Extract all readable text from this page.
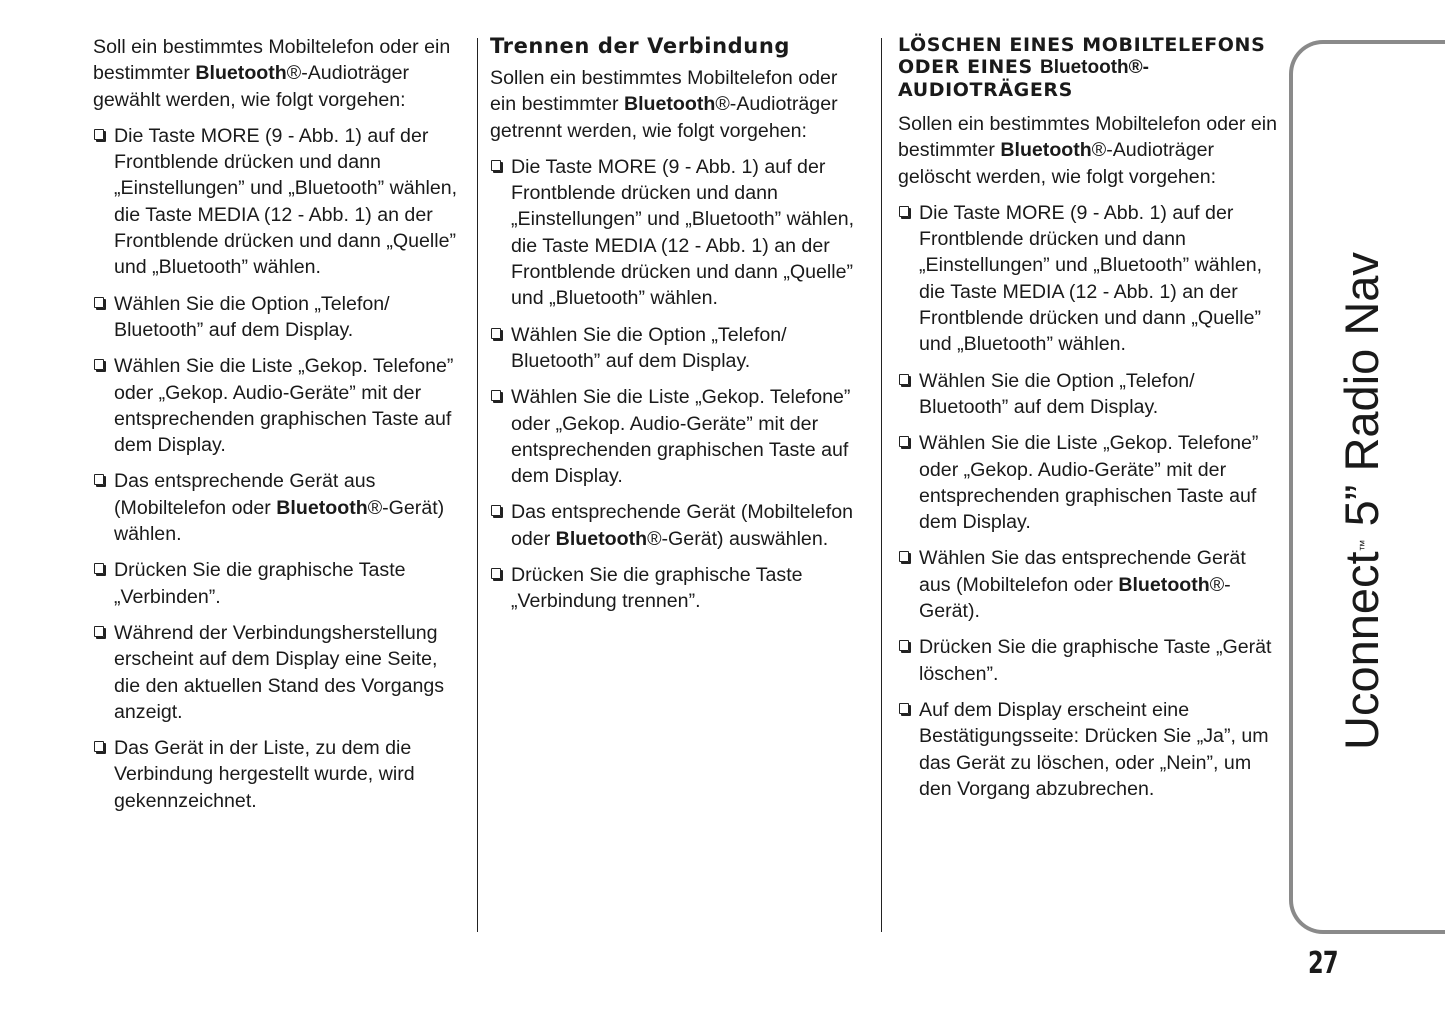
Soll ein bestimmtes Mobiltelefon oder ein bestimmter Bluetooth®-Audioträger gewählt werden, wie folgt vorgehen:

Die Taste MORE (9 - Abb. 1) auf der Frontblende drücken und dann „Einstellungen” und „Bluetooth” wählen, die Taste MEDIA (12 - Abb. 1) an der Frontblende drücken und dann „Quelle” und „Bluetooth” wählen.
Wählen Sie die Option „Telefon/ Bluetooth” auf dem Display.
Wählen Sie die Liste „Gekop. Telefone” oder „Gekop. Audio-Geräte” mit der entsprechenden graphischen Taste auf dem Display.
Das entsprechende Gerät aus (Mobiltelefon oder Bluetooth®-Gerät) wählen.
Drücken Sie die graphische Taste „Verbinden”.
Während der Verbindungsherstellung erscheint auf dem Display eine Seite, die den aktuellen Stand des Vorgangs anzeigt.
Das Gerät in der Liste, zu dem die Verbindung hergestellt wurde, wird gekennzeichnet.
Trennen der Verbindung

Sollen ein bestimmtes Mobiltelefon oder ein bestimmter Bluetooth®-Audioträger getrennt werden, wie folgt vorgehen:

Die Taste MORE (9 - Abb. 1) auf der Frontblende drücken und dann „Einstellungen” und „Bluetooth” wählen, die Taste MEDIA (12 - Abb. 1) an der Frontblende drücken und dann „Quelle” und „Bluetooth” wählen.
Wählen Sie die Option „Telefon/ Bluetooth” auf dem Display.
Wählen Sie die Liste „Gekop. Telefone” oder „Gekop. Audio-Geräte” mit der entsprechenden graphischen Taste auf dem Display.
Das entsprechende Gerät (Mobiltelefon oder Bluetooth®-Gerät) auswählen.
Drücken Sie die graphische Taste „Verbindung trennen”.
LÖSCHEN EINES MOBILTELEFONS ODER EINES Bluetooth®-
AUDIOTRÄGERS

Sollen ein bestimmtes Mobiltelefon oder ein bestimmter Bluetooth®-Audioträger gelöscht werden, wie folgt vorgehen:

Die Taste MORE (9 - Abb. 1) auf der Frontblende drücken und dann „Einstellungen” und „Bluetooth” wählen, die Taste MEDIA (12 - Abb. 1) an der Frontblende drücken und dann „Quelle” und „Bluetooth” wählen.
Wählen Sie die Option „Telefon/ Bluetooth” auf dem Display.
Wählen Sie die Liste „Gekop. Telefone” oder „Gekop. Audio-Geräte” mit der entsprechenden graphischen Taste auf dem Display.
Wählen Sie das entsprechende Gerät aus (Mobiltelefon oder Bluetooth®-Gerät).
Drücken Sie die graphische Taste „Gerät löschen”.
Auf dem Display erscheint eine Bestätigungsseite: Drücken Sie „Ja”, um das Gerät zu löschen, oder „Nein”, um den Vorgang abzubrechen.
Uconnect™ 5” Radio Nav
27
